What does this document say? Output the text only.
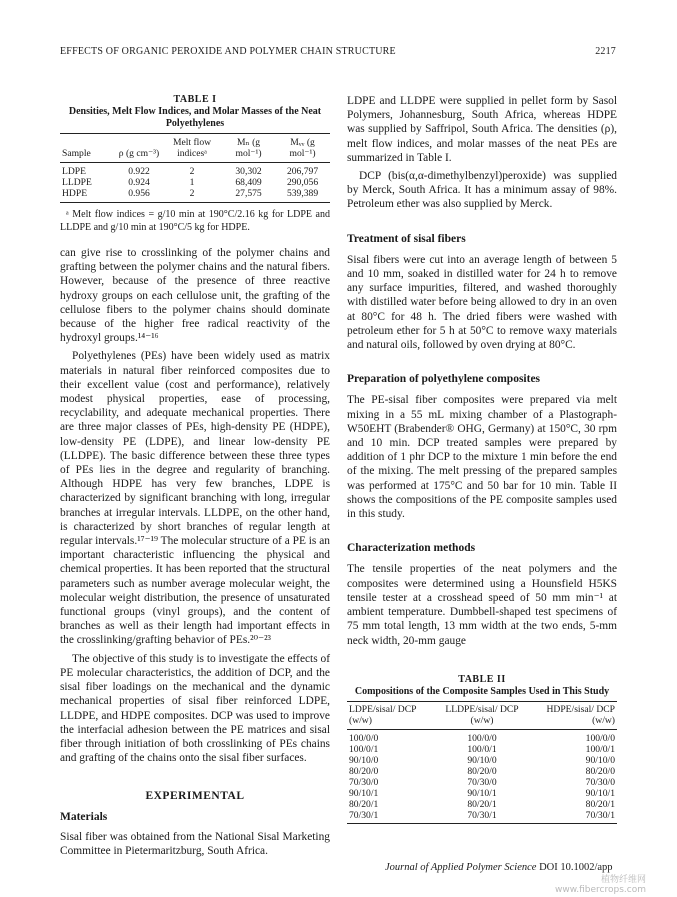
EFFECTS OF ORGANIC PEROXIDE AND POLYMER CHAIN STRUCTURE	2217
TABLE I
Densities, Melt Flow Indices, and Molar Masses of the Neat Polyethylenes
Sample	ρ (g cm⁻³)	Melt flow indicesᵃ	Mₙ (g mol⁻¹)	Mᵥᵥ (g mol⁻¹)
LDPE	0.922	2	30,302	206,797
LLDPE	0.924	1	68,409	290,056
HDPE	0.956	2	27,575	539,389
ᵃ Melt flow indices = g/10 min at 190°C/2.16 kg for LDPE and LLDPE and g/10 min at 190°C/5 kg for HDPE.

can give rise to crosslinking of the polymer chains and grafting between the polymer chains and the natural fibers. However, because of the presence of three reactive hydroxy groups on each cellulose unit, the grafting of the cellulose fibers to the polymer chains should dominate because of the higher free radical reactivity of the hydroxyl groups.¹⁴⁻¹⁶

Polyethylenes (PEs) have been widely used as matrix materials in natural fiber reinforced composites due to their excellent value (cost and performance), relatively modest physical properties, ease of processing, recyclability, and adequate mechanical properties. There are three major classes of PEs, high-density PE (HDPE), low-density PE (LDPE), and linear low-density PE (LLDPE). The basic difference between these three types of PEs lies in the degree and regularity of branching. Although HDPE has very few branches, LDPE is characterized by significant branching with long, irregular branches at irregular intervals. LLDPE, on the other hand, is characterized by short branches of regular length at regular intervals.¹⁷⁻¹⁹ The molecular structure of a PE is an important characteristic influencing the physical and chemical properties. It has been reported that the structural parameters such as number average molecular weight, the molecular weight distribution, the presence of unsaturated functional groups (vinyl groups), and the content of branches as well as their length had important effects in the crosslinking/grafting behavior of PEs.²⁰⁻²³

The objective of this study is to investigate the effects of PE molecular characteristics, the addition of DCP, and the sisal fiber loadings on the mechanical and the dynamic mechanical properties of sisal fiber reinforced LDPE, LLDPE, and HDPE composites. DCP was used to improve the interfacial adhesion between the PE matrices and sisal fiber through initiation of both crosslinking of PEs chains and grafting of the chains onto the sisal fiber surfaces.

EXPERIMENTAL
Materials

Sisal fiber was obtained from the National Sisal Marketing Committee in Pietermaritzburg, South Africa.

LDPE and LLDPE were supplied in pellet form by Sasol Polymers, Johannesburg, South Africa, whereas HDPE was supplied by Saffripol, South Africa. The densities (ρ), melt flow indices, and molar masses of the neat PEs are summarized in Table I.

DCP (bis(α,α-dimethylbenzyl)peroxide) was supplied by Merck, South Africa. It has a minimum assay of 98%. Petroleum ether was also supplied by Merck.

Treatment of sisal fibers

Sisal fibers were cut into an average length of between 5 and 10 mm, soaked in distilled water for 24 h to remove any surface impurities, filtered, and washed thoroughly with distilled water before being allowed to dry in an oven at 80°C for 48 h. The dried fibers were washed with petroleum ether for 5 h at 50°C to remove waxy materials and natural oils, followed by oven drying at 80°C.

Preparation of polyethylene composites

The PE-sisal fiber composites were prepared via melt mixing in a 55 mL mixing chamber of a Plastograph-W50EHT (Brabender® OHG, Germany) at 150°C, 30 rpm and 10 min. DCP treated samples were prepared by addition of 1 phr DCP to the mixture 1 min before the end of the mixing. The melt pressing of the prepared samples was performed at 175°C and 50 bar for 10 min. Table II shows the compositions of the PE composite samples used in this study.

Characterization methods

The tensile properties of the neat polymers and the composites were determined using a Hounsfield H5KS tensile tester at a crosshead speed of 50 mm min⁻¹ at ambient temperature. Dumbbell-shaped test specimens of 75 mm total length, 13 mm width at the two ends, 5-mm neck width, 20-mm gauge

TABLE II
Compositions of the Composite Samples Used in This Study
LDPE/sisal/ DCP (w/w)	LLDPE/sisal/ DCP (w/w)	HDPE/sisal/ DCP (w/w)
100/0/0	100/0/0	100/0/0
100/0/1	100/0/1	100/0/1
90/10/0	90/10/0	90/10/0
80/20/0	80/20/0	80/20/0
70/30/0	70/30/0	70/30/0
90/10/1	90/10/1	90/10/1
80/20/1	80/20/1	80/20/1
70/30/1	70/30/1	70/30/1
Journal of Applied Polymer Science DOI 10.1002/app
植物纤维网
www.fibercrops.com
